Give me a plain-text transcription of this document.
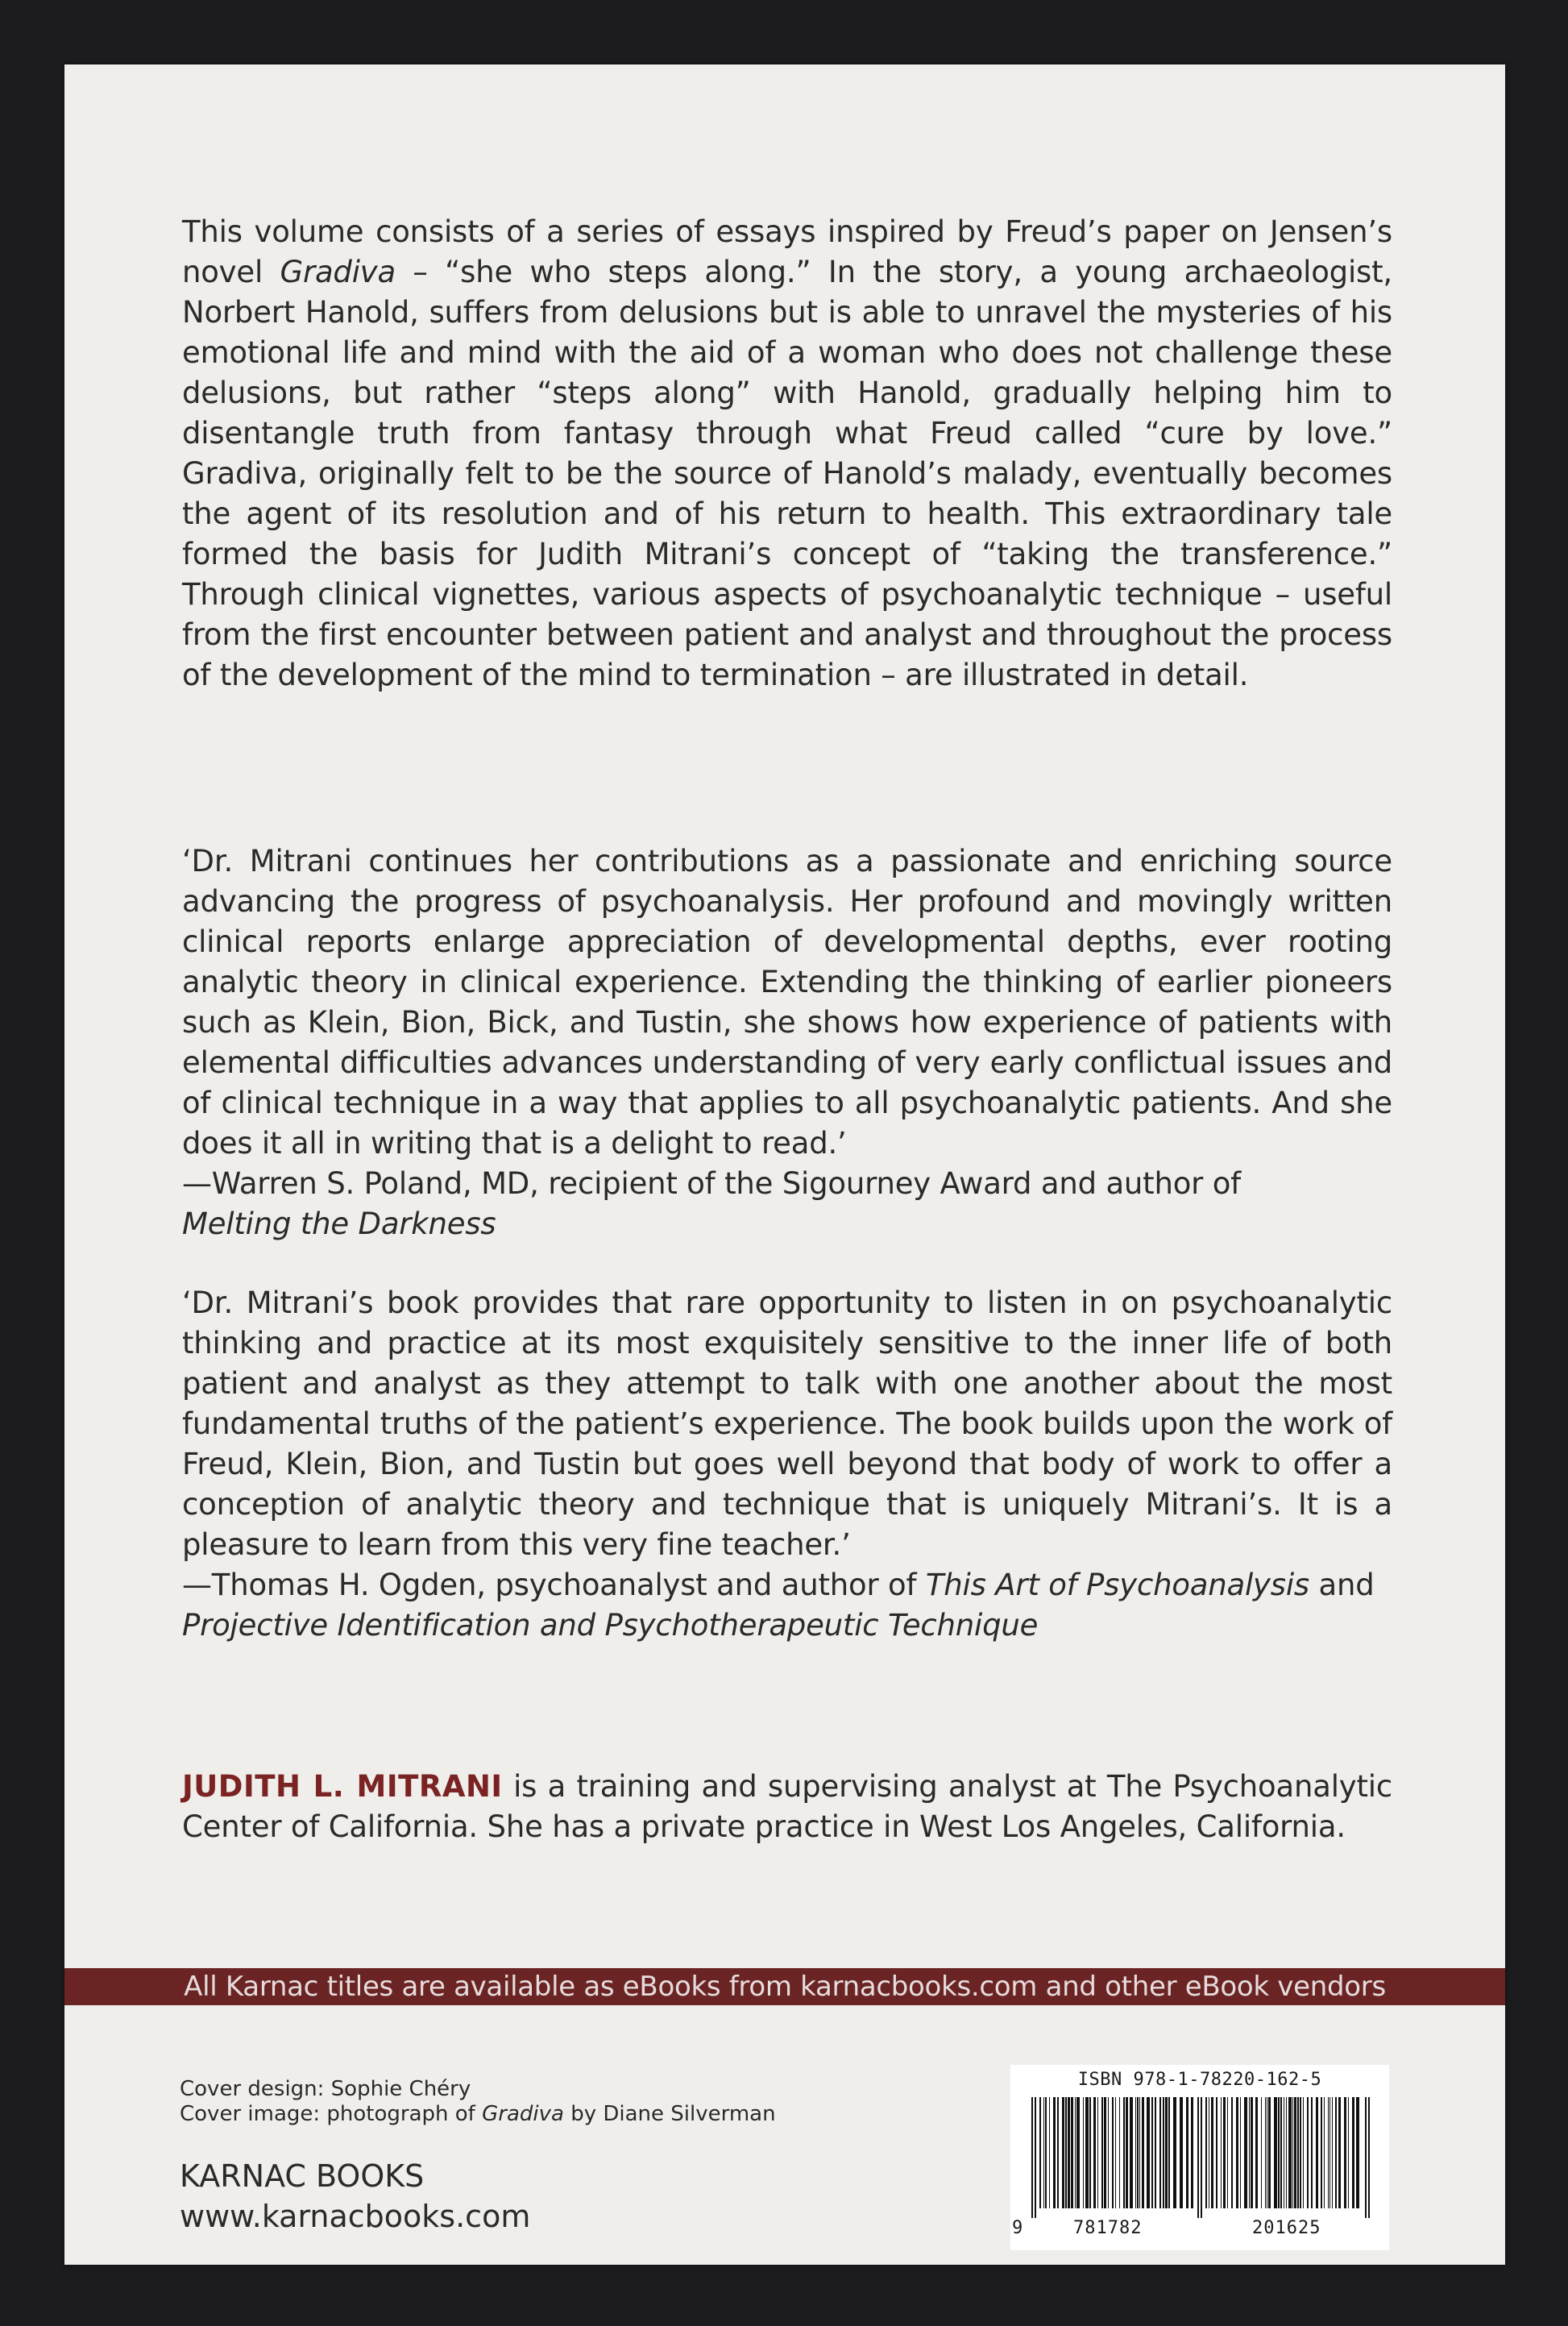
This volume consists of a series of essays inspired by Freud’s paper on Jensen’s novel Gradiva – “she who steps along.” In the story, a young archaeologist, Norbert Hanold, suffers from delusions but is able to unravel the mysteries of his emotional life and mind with the aid of a woman who does not challenge these delusions, but rather “steps along” with Hanold, gradually helping him to disentangle truth from fantasy through what Freud called “cure by love.” Gradiva, originally felt to be the source of Hanold’s malady, eventually becomes the agent of its resolution and of his return to health. This extraordinary tale formed the basis for Judith Mitrani’s concept of “taking the transference.” Through clinical vignettes, various aspects of psychoanalytic technique – useful from the first encounter between patient and analyst and throughout the process of the development of the mind to termination – are illustrated in detail.

‘Dr. Mitrani continues her contributions as a passionate and enriching source advancing the progress of psychoanalysis. Her profound and movingly written clinical reports enlarge appreciation of developmental depths, ever rooting analytic theory in clinical experience. Extending the thinking of earlier pioneers such as Klein, Bion, Bick, and Tustin, she shows how experience of patients with elemental difficulties advances understanding of very early conflictual issues and of clinical technique in a way that applies to all psychoanalytic patients. And she does it all in writing that is a delight to read.’

—Warren S. Poland, MD, recipient of the Sigourney Award and author of

Melting the Darkness

‘Dr. Mitrani’s book provides that rare opportunity to listen in on psychoanalytic thinking and practice at its most exquisitely sensitive to the inner life of both patient and analyst as they attempt to talk with one another about the most fundamental truths of the patient’s experience. The book builds upon the work of Freud, Klein, Bion, and Tustin but goes well beyond that body of work to offer a conception of analytic theory and technique that is uniquely Mitrani’s. It is a pleasure to learn from this very fine teacher.’

—Thomas H. Ogden, psychoanalyst and author of This Art of Psychoanalysis and

Projective Identification and Psychotherapeutic Technique

JUDITH L. MITRANI is a training and supervising analyst at The Psychoanalytic Center of California. She has a private practice in West Los Angeles, California.

All Karnac titles are available as eBooks from karnacbooks.com and other eBook vendors
Cover design: Sophie Chéry
Cover image: photograph of Gradiva by Diane Silverman
KARNAC BOOKS
www.karnacbooks.com
ISBN 978-1-78220-162-5
9	781782	201625
